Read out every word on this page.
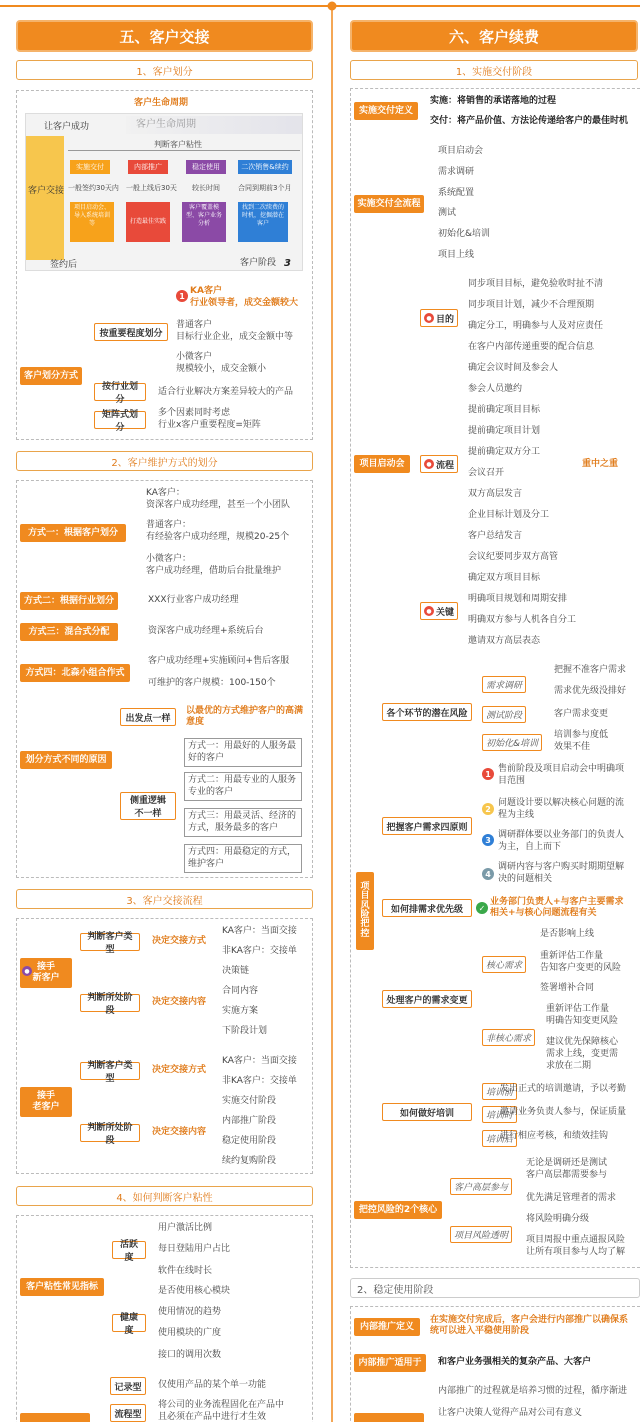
五、客户交接
1、客户划分
客户生命周期
让客户成功	客户生命周期
客户交接
判断客户粘性
实施交付	内部推广	稳定使用	二次销售&续约
一般签约30天内 一般上线后30天 较长时间	合同到期前3个月
项目启动会、导入系统培训等	打造最佳实践
客户覆盖模型、客户业务分析
找到二次续费的时机，挖掘潜在客户
签约后	客户阶段 3
客户划分方式
按重要程度划分
按行业划分
矩阵式划分
1 KA客户
行业领导者，成交金额较大
普通客户
目标行业企业，成交金额中等
小微客户
规模较小，成交金额小
适合行业解决方案差异较大的产品
多个因素同时考虑
行业x客户重要程度=矩阵
2、客户维护方式的划分
方式一：根据客户划分
KA客户：
资深客户成功经理，甚至一个小团队
普通客户：
有经验客户成功经理，规模20-25个
小微客户：
客户成功经理，借助后台批量维护
方式二：根据行业划分	XXX行业客户成功经理
方式三：混合式分配	资深客户成功经理+系统后台
方式四：北森小组合作式
客户成功经理+实施顾问+售后客服
可维护的客户规模：100-150个
划分方式不同的原因
出发点一样
以最优的方式维护客户的高满意度
侧重逻辑
不一样
方式一：用最好的人服务最好的客户
方式二：用最专业的人服务专业的客户
方式三：用最灵活、经济的方式，服务最多的客户
方式四：用最稳定的方式，维护客户
3、客户交接流程
接手
新客户
●
判断客户类型
决定交接方式
KA客户：当面交接
非KA客户：交接单
判断所处阶段
决定交接内容
决策链
合同内容
实施方案
下阶段计划
接手
老客户
判断客户类型
决定交接方式
KA客户：当面交接
非KA客户：交接单
判断所处阶段
决定交接内容
实施交付阶段
内部推广阶段
稳定使用阶段
续约复购阶段
4、如何判断客户粘性
客户粘性常见指标
活跃度
用户激活比例
每日登陆用户占比
软件在线时长
健康度
是否使用核心模块
使用情况的趋势
使用模块的广度
接口的调用次数
记录型	仅使用产品的某个单一功能
流程型
将公司的业务流程固化在产品中
且必须在产品中进行才生效
六、客户续费
1、实施交付阶段
实施交付定义
实施：将销售的承诺落地的过程
交付：将产品价值、方法论传递给客户的最佳时机
实施交付全流程
项目启动会
需求调研
系统配置
测试
初始化&培训
项目上线
项目启动会
● 目的
同步项目目标，避免验收时扯不清
同步项目计划，减少不合理预期
确定分工，明确参与人及对应责任
在客户内部传递重要的配合信息
● 流程
确定会议时间及参会人
参会人员邀约
提前确定项目目标
提前确定项目计划
提前确定双方分工
会议召开
双方高层发言
企业目标计划及分工
客户总结发言
会议纪要同步双方高管
重中之重
● 关键
确定双方项目目标
明确项目规划和周期安排
明确双方参与人机各自分工
邀请双方高层表态
项
目
风
险
把
控
各个环节的潜在风险
需求调研
测试阶段
初始化&培训
把握不准客户需求
需求优先级没排好
客户需求变更
培训参与度低
效果不佳
把握客户需求四原则
1 售前阶段及项目启动会中明确项目范围
2
问题设计要以解决核心问题的流程为主线
3 调研群体要以业务部门的负责人为主，自上而下
4
调研内容与客户购买时期期望解决的问题相关
如何排需求优先级	✓
业务部门负责人+与客户主要需求相关+与核心问题流程有关
处理客户的需求变更
核心需求
是否影响上线
重新评估工作量
告知客户变更的风险
签署增补合同
非核心需求
重新评估工作量
明确告知变更风险
建议优先保障核心
需求上线，变更需
求放在二期
如何做好培训
培训前
培训时
培训后
发出正式的培训邀请，予以考勤
邀请业务负责人参与，保证质量
进行相应考核，和绩效挂钩
把控风险的2个核心
客户高层参与
无论是调研还是测试
客户高层都需要参与
优先满足管理者的需求
项目风险透明
将风险明确分级
项目周报中重点通报风险
让所有项目参与人均了解
2、稳定使用阶段
内部推广定义
在实施交付完成后，客户会进行内部推广以确保系统可以进入平稳使用阶段
内部推广适用于	和客户业务强相关的复杂产品、大客户
内部推广的过程就是培养习惯的过程，循序渐进
让客户决策人觉得产品对公司有意义
